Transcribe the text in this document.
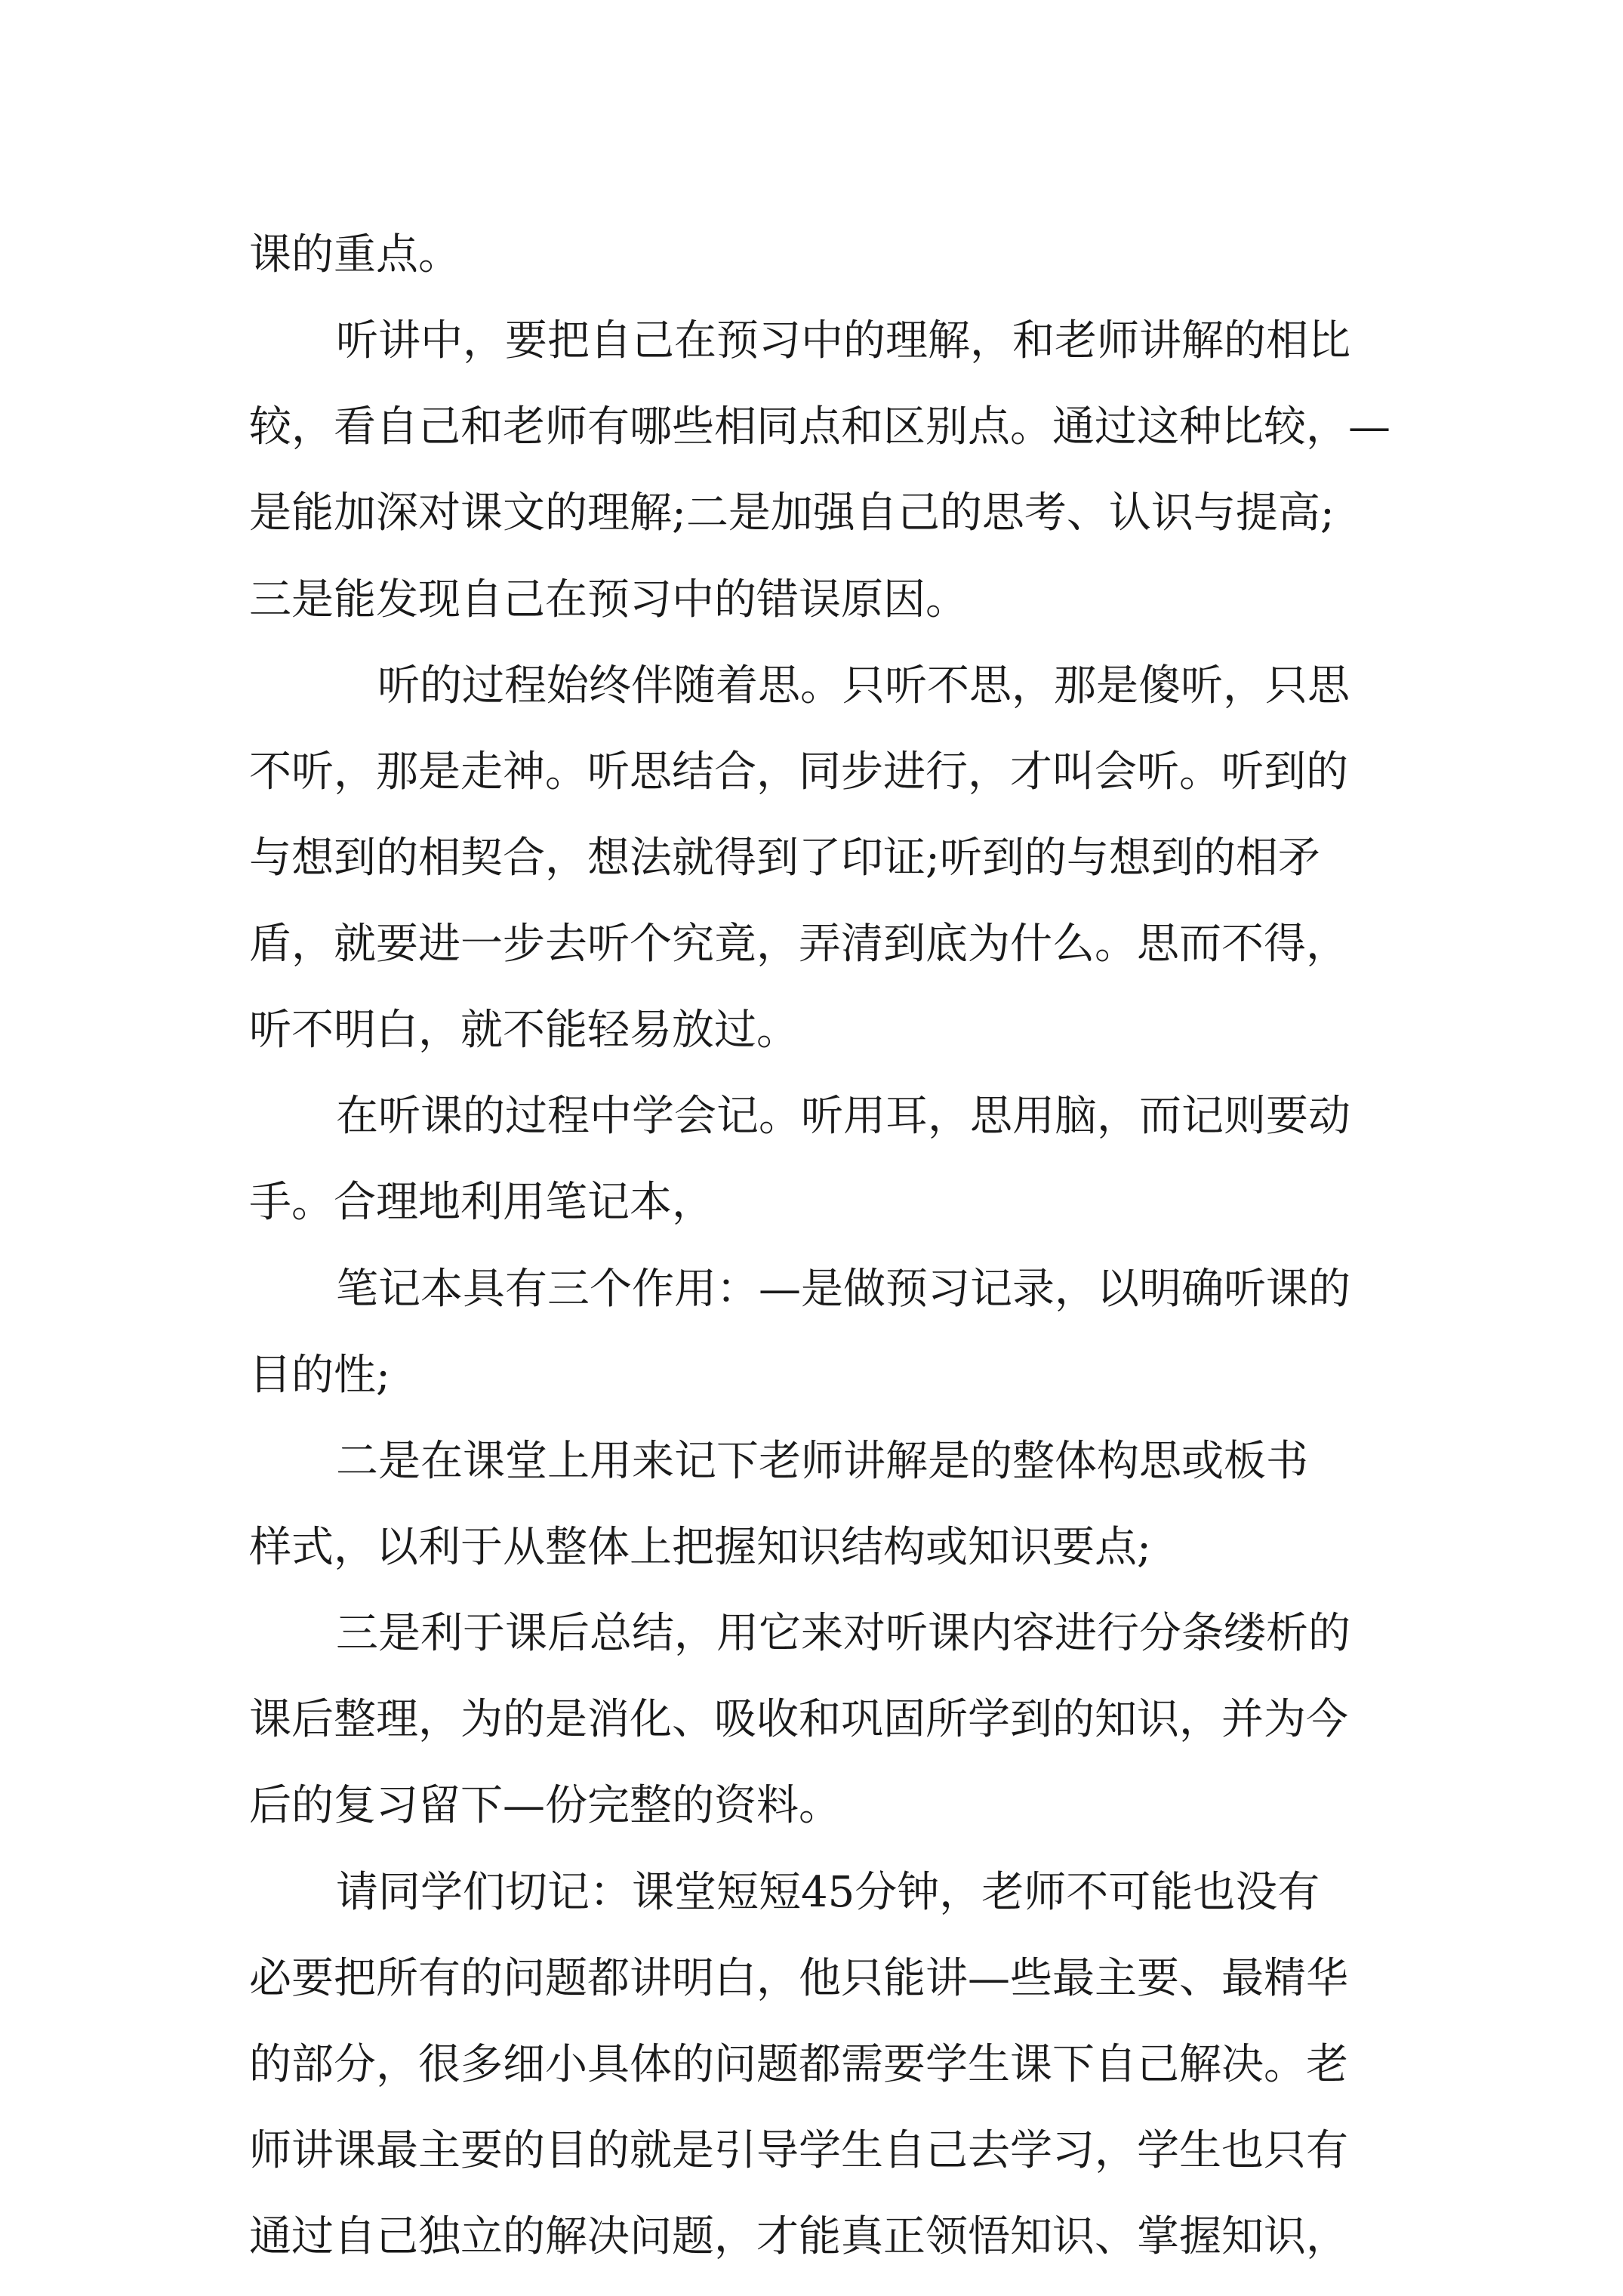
课的重点。

听讲中，要把自己在预习中的理解，和老师讲解的相比

较，看自己和老师有哪些相同点和区别点。通过这种比较，—

是能加深对课文的理解;二是加强自己的思考、认识与提高;

三是能发现自己在预习中的错误原因。

听的过程始终伴随着思。只听不思，那是傻听，只思

不听，那是走神。听思结合，同步进行，才叫会听。听到的

与想到的相契合，想法就得到了印证;听到的与想到的相矛

盾，就要进一步去听个究竟，弄清到底为什么。思而不得，

听不明白，就不能轻易放过。

在听课的过程中学会记。听用耳，思用脑，而记则要动

手。合理地利用笔记本，

笔记本具有三个作用：—是做预习记录，以明确听课的

目的性;

二是在课堂上用来记下老师讲解是的整体构思或板书

样式，以利于从整体上把握知识结构或知识要点;

三是利于课后总结，用它来对听课内容进行分条缕析的

课后整理，为的是消化、吸收和巩固所学到的知识，并为今

后的复习留下—份完整的资料。

请同学们切记：课堂短短45分钟，老师不可能也没有

必要把所有的问题都讲明白，他只能讲—些最主要、最精华

的部分，很多细小具体的问题都需要学生课下自己解决。老

师讲课最主要的目的就是引导学生自己去学习，学生也只有

通过自己独立的解决问题，才能真正领悟知识、掌握知识，
